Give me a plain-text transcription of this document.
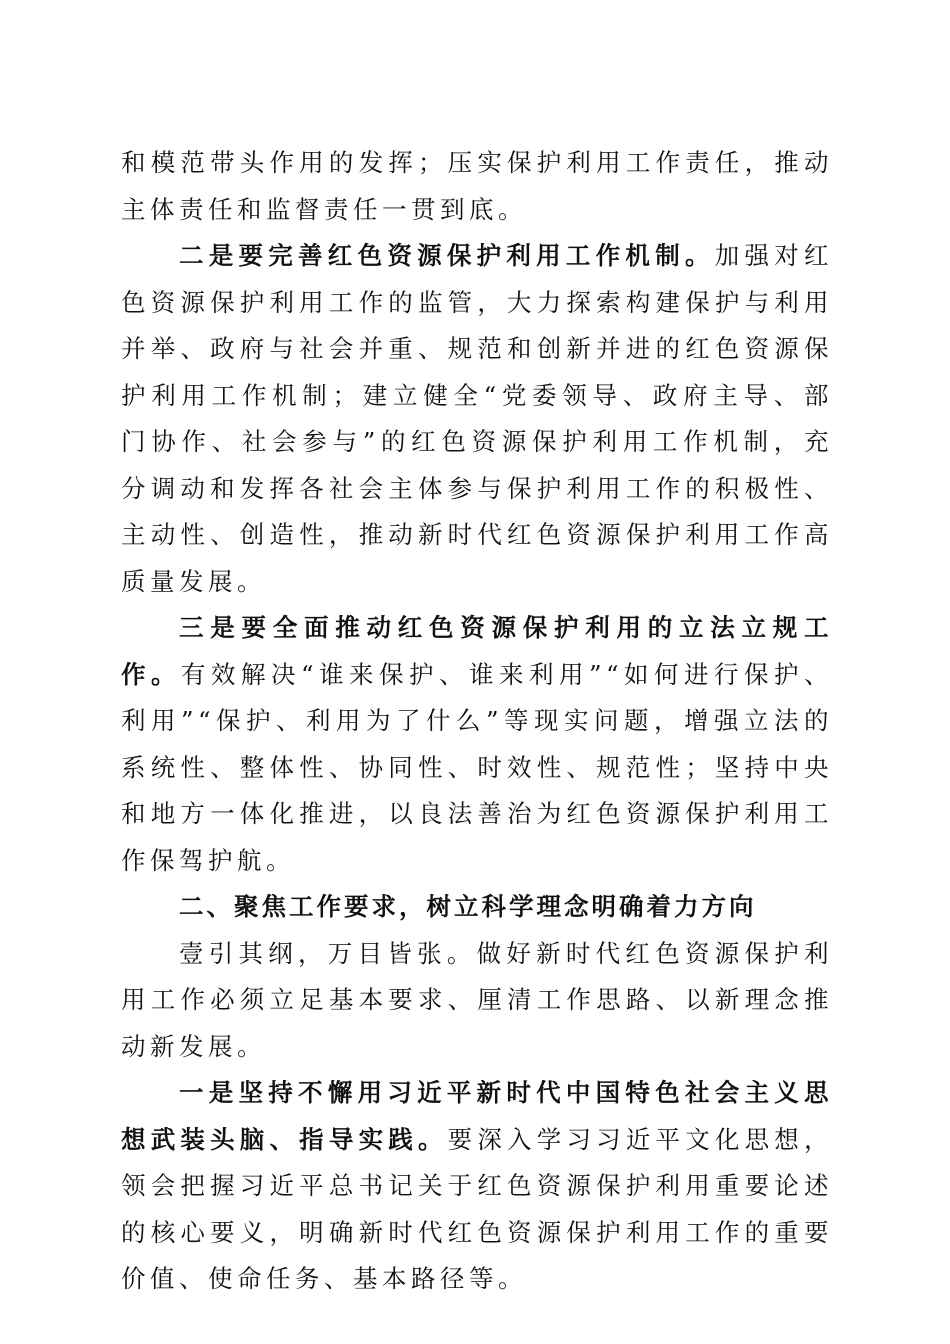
和模范带头作用的发挥；压实保护利用工作责任，推动主体责任和监督责任一贯到底。

二是要完善红色资源保护利用工作机制。加强对红色资源保护利用工作的监管，大力探索构建保护与利用并举、政府与社会并重、规范和创新并进的红色资源保护利用工作机制；建立健全“党委领导、政府主导、部门协作、社会参与”的红色资源保护利用工作机制，充分调动和发挥各社会主体参与保护利用工作的积极性、主动性、创造性，推动新时代红色资源保护利用工作高质量发展。

三是要全面推动红色资源保护利用的立法立规工作。有效解决“谁来保护、谁来利用”“如何进行保护、利用”“保护、利用为了什么”等现实问题，增强立法的系统性、整体性、协同性、时效性、规范性；坚持中央和地方一体化推进，以良法善治为红色资源保护利用工作保驾护航。

二、聚焦工作要求，树立科学理念明确着力方向

壹引其纲，万目皆张。做好新时代红色资源保护利用工作必须立足基本要求、厘清工作思路、以新理念推动新发展。

一是坚持不懈用习近平新时代中国特色社会主义思想武装头脑、指导实践。要深入学习习近平文化思想，领会把握习近平总书记关于红色资源保护利用重要论述的核心要义，明确新时代红色资源保护利用工作的重要价值、使命任务、基本路径等。
